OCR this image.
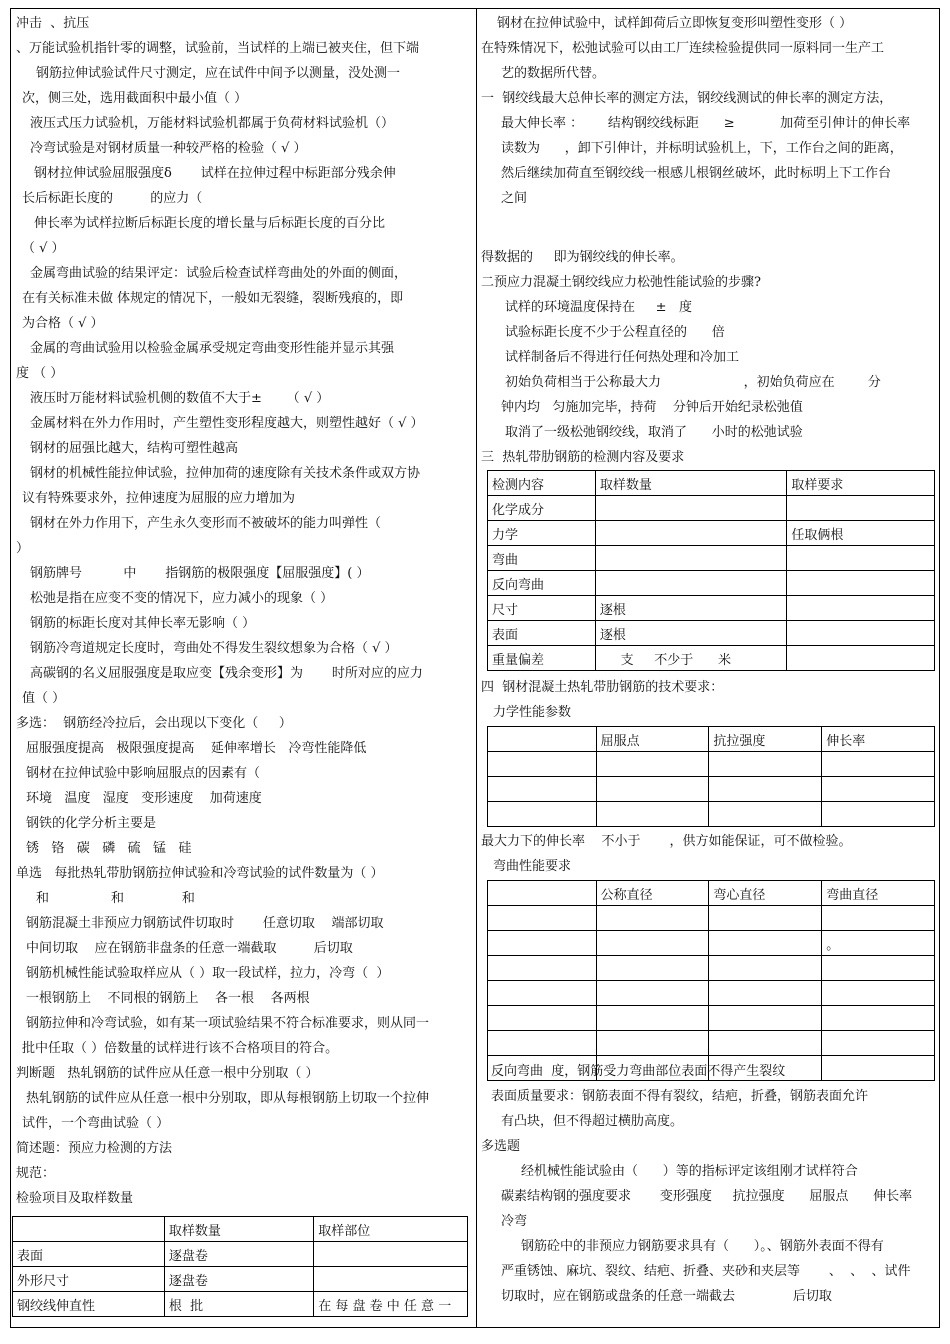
冲击  、抗压
、万能试验机指针零的调整，试验前，当试样的上端已被夹住，但下端
钢筋拉伸试验试件尺寸测定，应在试件中间予以测量，没处测一
次，侧三处，选用截面积中最小值（ ）
液压式压力试验机，万能材料试验机都属于负荷材料试验机（）
冷弯试验是对钢材质量一种较严格的检验（ √ ）
钢材拉伸试验屈服强度δ       试样在拉伸过程中标距部分残余伸
长后标距长度的         的应力（
伸长率为试样拉断后标距长度的增长量与后标距长度的百分比
（ √ ）
金属弯曲试验的结果评定：试验后检查试样弯曲处的外面的侧面，
在有关标准未做 体规定的情况下，一般如无裂缝，裂断残痕的，即
为合格（ √ ）
金属的弯曲试验用以检验金属承受规定弯曲变形性能并显示其强
度 （ ）
液压时万能材料试验机侧的数值不大于±      （ √ ）
金属材料在外力作用时，产生塑性变形程度越大，则塑性越好（ √ ）
钢材的屈强比越大，结构可塑性越高
钢材的机械性能拉伸试验，拉伸加荷的速度除有关技术条件或双方协
议有特殊要求外，拉伸速度为屈服的应力增加为
钢材在外力作用下，产生永久变形而不被破坏的能力叫弹性（
）
钢筋牌号          中       指钢筋的极限强度【屈服强度】( ）
松弛是指在应变不变的情况下，应力减小的现象（ ）
钢筋的标距长度对其伸长率无影响（ ）
钢筋冷弯道规定长度时，弯曲处不得发生裂纹想象为合格（ √ ）
高碳钢的名义屈服强度是取应变【残余变形】为       时所对应的应力
值（ ）
多选：  钢筋经冷拉后，会出现以下变化（     ）
屈服强度提高   极限强度提高    延伸率增长   冷弯性能降低
钢材在拉伸试验中影响屈服点的因素有（
环境   温度   湿度   变形速度    加荷速度
钢铁的化学分析主要是
锈   铬   碳   磷   硫   锰   硅
单选   每批热轧带肋钢筋拉伸试验和冷弯试验的试件数量为（ ）
和               和              和
钢筋混凝土非预应力钢筋试件切取时       任意切取    端部切取
中间切取    应在钢筋非盘条的任意一端截取         后切取
钢筋机械性能试验取样应从（ ）取一段试样，拉力，冷弯（  ）
一根钢筋上    不同根的钢筋上    各一根    各两根
钢筋拉伸和冷弯试验，如有某一项试验结果不符合标准要求，则从同一
批中任取（ ）倍数量的试样进行该不合格项目的符合。
判断题   热轧钢筋的试件应从任意一根中分别取（ ）
热轧钢筋的试件应从任意一根中分别取，即从每根钢筋上切取一个拉伸
试件，一个弯曲试验（ ）
简述题：预应力检测的方法
规范：
检验项目及取样数量
	取样数量	取样部位
表面	逐盘卷	
外形尺寸	逐盘卷	
钢绞线伸直性	根  批	在 每 盘 卷 中 任 意 一
钢材在拉伸试验中，试样卸荷后立即恢复变形叫塑性变形（ ）
在特殊情况下，松弛试验可以由工厂连续检验提供同一原料同一生产工
艺的数据所代替。
一  钢绞线最大总伸长率的测定方法，钢绞线测试的伸长率的测定方法，
最大伸长率 ：      结构钢绞线标距      ≥           加荷至引伸计的伸长率
读数为      ，卸下引伸计，并标明试验机上，下，工作台之间的距离，
然后继续加荷直至钢绞线一根感儿根钢丝破坏，此时标明上下工作台
之间
得数据的     即为钢绞线的伸长率。
二预应力混凝土钢绞线应力松弛性能试验的步骤?
试样的环境温度保持在     ±   度
试验标距长度不少于公程直径的      倍
试样制备后不得进行任何热处理和冷加工
初始负荷相当于公称最大力                    ，初始负荷应在        分
钟内均   匀施加完毕，持荷    分钟后开始纪录松弛值
取消了一级松弛钢绞线，取消了      小时的松弛试验
三  热轧带肋钢筋的检测内容及要求
检测内容	取样数量	取样要求
化学成分		
力学		任取俩根
弯曲		
反向弯曲		
尺寸	逐根	
表面	逐根	
重量偏差	支     不少于      米	
四  钢材混凝土热轧带肋钢筋的技术要求：
力学性能参数
	屈服点	抗拉强度	伸长率

最大力下的伸长率    不小于       ，供方如能保证，可不做检验。
弯曲性能要求
	公称直径	弯心直径	弯曲直径

			。

反向弯曲  度，钢筋受力弯曲部位表面不得产生裂纹
表面质量要求：钢筋表面不得有裂纹，结疤，折叠，钢筋表面允许
有凸块，但不得超过横肋高度。
多选题
经机械性能试验由（      ）等的指标评定该组刚才试样符合
碳素结构钢的强度要求       变形强度     抗拉强度      屈服点      伸长率
冷弯
钢筋砼中的非预应力钢筋要求具有（      ）。、钢筋外表面不得有
严重锈蚀、麻坑、裂纹、结疤、折叠、夹砂和夹层等       、  、  、试件
切取时，应在钢筋或盘条的任意一端截去              后切取
